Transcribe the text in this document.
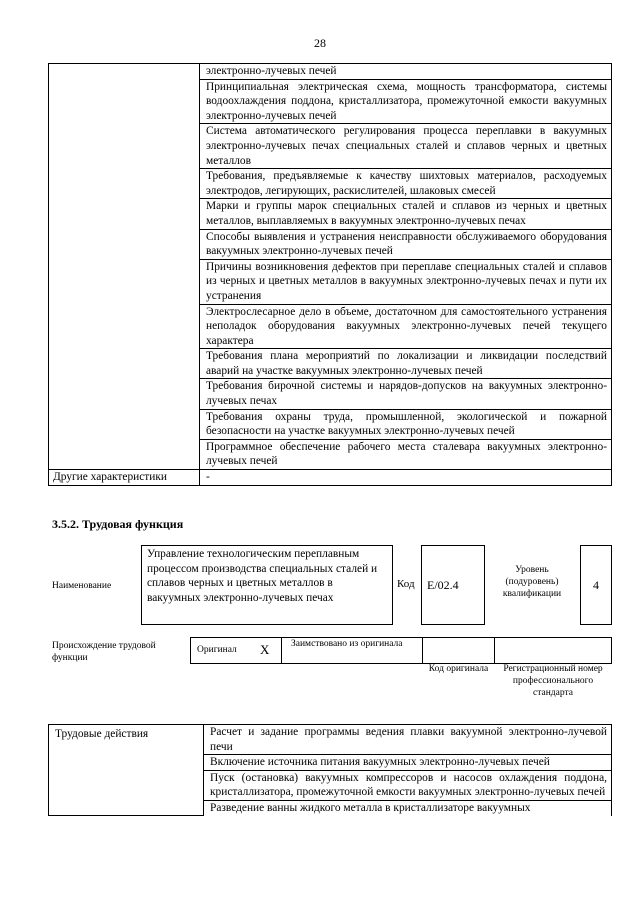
28
	электронно-лучевых печей
	Принципиальная электрическая схема, мощность трансформатора, системы водоохлаждения поддона, кристаллизатора, промежуточной емкости вакуумных электронно-лучевых печей
	Система автоматического регулирования процесса переплавки в вакуумных электронно-лучевых печах специальных сталей и сплавов черных и цветных металлов
	Требования, предъявляемые к качеству шихтовых материалов, расходуемых электродов, легирующих, раскислителей, шлаковых смесей
	Марки и группы марок специальных сталей и сплавов из черных и цветных металлов, выплавляемых в вакуумных электронно-лучевых печах
	Способы выявления и устранения неисправности обслуживаемого оборудования вакуумных электронно-лучевых печей
	Причины возникновения дефектов при переплаве специальных сталей и сплавов из черных и цветных металлов в вакуумных электронно-лучевых печах и пути их устранения
	Электрослесарное дело в объеме, достаточном для самостоятельного устранения неполадок оборудования вакуумных электронно-лучевых печей текущего характера
	Требования плана мероприятий по локализации и ликвидации последствий аварий на участке вакуумных электронно-лучевых печей
	Требования бирочной системы и нарядов-допусков на вакуумных электронно-лучевых печах
	Требования охраны труда, промышленной, экологической и пожарной безопасности на участке вакуумных электронно-лучевых печей
	Программное обеспечение рабочего места сталевара вакуумных электронно-лучевых печей
Другие характеристики	-
3.5.2. Трудовая функция
Наименование
Управление технологическим переплавным процессом производства специальных сталей и сплавов черных и цветных металлов в вакуумных электронно-лучевых печах
Код	E/02.4
Уровень (подуровень) квалификации
4
Происхождение трудовой функции
Оригинал X	Заимствовано из оригинала
Код оригинала	Регистрационный номер профессионального стандарта
Трудовые действия	Расчет и задание программы ведения плавки вакуумной электронно-лучевой печи
Включение источника питания вакуумных электронно-лучевых печей
Пуск (остановка) вакуумных компрессоров и насосов охлаждения поддона, кристаллизатора, промежуточной емкости вакуумных электронно-лучевых печей
Разведение ванны жидкого металла в кристаллизаторе вакуумных
